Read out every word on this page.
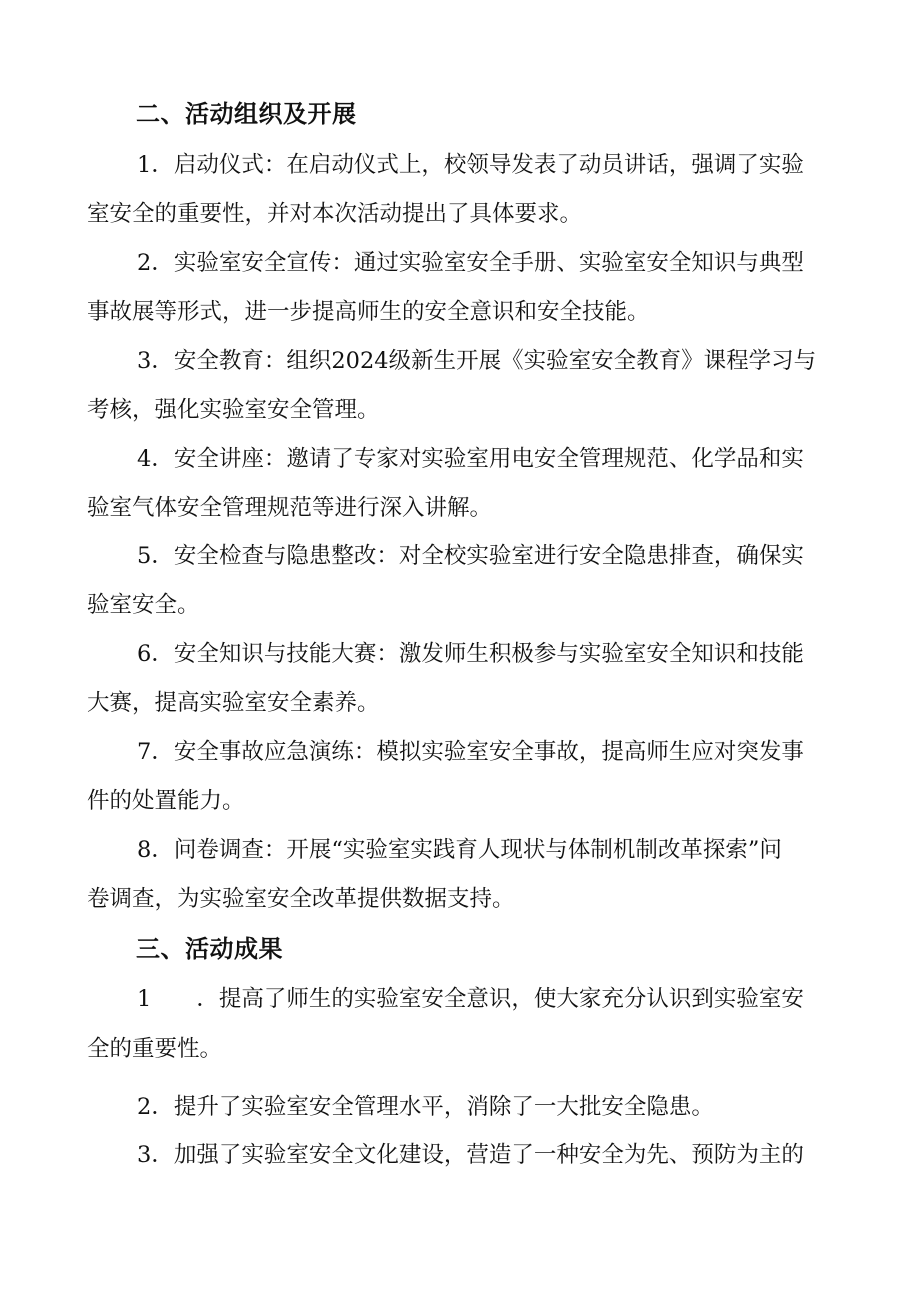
二、活动组织及开展
1．启动仪式：在启动仪式上，校领导发表了动员讲话，强调了实验
室安全的重要性，并对本次活动提出了具体要求。
2．实验室安全宣传：通过实验室安全手册、实验室安全知识与典型
事故展等形式，进一步提高师生的安全意识和安全技能。
3．安全教育：组织2024级新生开展《实验室安全教育》课程学习与
考核，强化实验室安全管理。
4．安全讲座：邀请了专家对实验室用电安全管理规范、化学品和实
验室气体安全管理规范等进行深入讲解。
5．安全检查与隐患整改：对全校实验室进行安全隐患排查，确保实
验室安全。
6．安全知识与技能大赛：激发师生积极参与实验室安全知识和技能
大赛，提高实验室安全素养。
7．安全事故应急演练：模拟实验室安全事故，提高师生应对突发事
件的处置能力。
8．问卷调查：开展“实验室实践育人现状与体制机制改革探索”问
卷调查，为实验室安全改革提供数据支持。
三、活动成果
1　　．提高了师生的实验室安全意识，使大家充分认识到实验室安
全的重要性。
2．提升了实验室安全管理水平，消除了一大批安全隐患。
3．加强了实验室安全文化建设，营造了一种安全为先、预防为主的
